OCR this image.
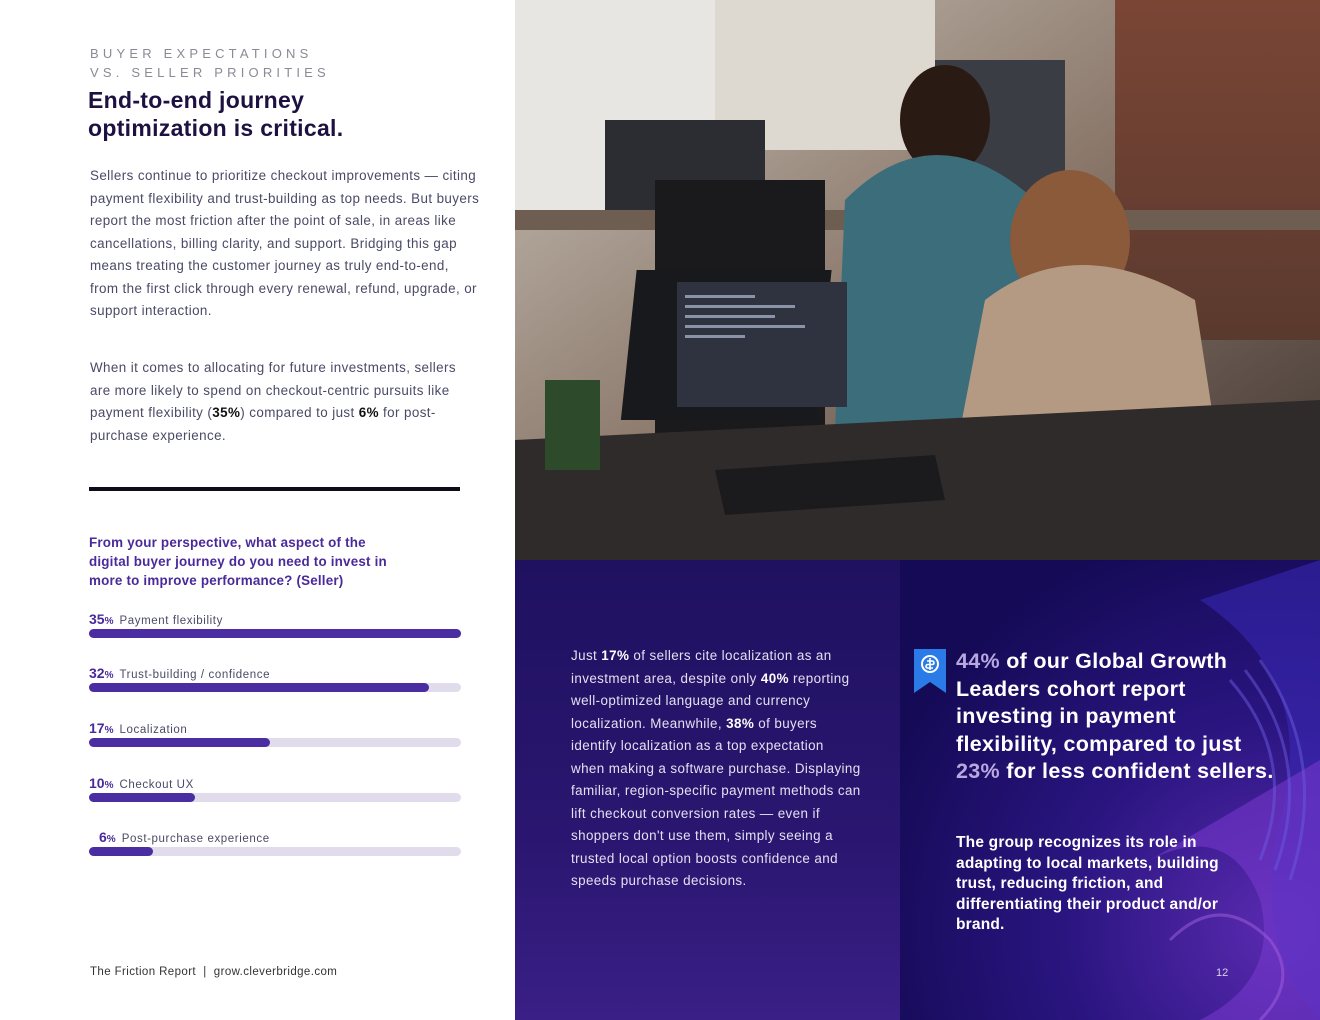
BUYER EXPECTATIONS
VS. SELLER PRIORITIES
End-to-end journey
optimization is critical.

Sellers continue to prioritize checkout improvements — citing payment flexibility and trust-building as top needs. But buyers report the most friction after the point of sale, in areas like cancellations, billing clarity, and support. Bridging this gap means treating the customer journey as truly end-to-end, from the first click through every renewal, refund, upgrade, or support interaction.

When it comes to allocating for future investments, sellers are more likely to spend on checkout-centric pursuits like payment flexibility (35%) compared to just 6% for post-purchase experience.

From your perspective, what aspect of the digital buyer journey do you need to invest in more to improve performance? (Seller)
35% Payment flexibility
32% Trust-building / confidence
17% Localization
10% Checkout UX
6% Post-purchase experience
The Friction Report  |  grow.cleverbridge.com

Just 17% of sellers cite localization as an investment area, despite only 40% reporting well-optimized language and currency localization. Meanwhile, 38% of buyers identify localization as a top expectation when making a software purchase. Displaying familiar, region-specific payment methods can lift checkout conversion rates — even if shoppers don't use them, simply seeing a trusted local option boosts confidence and speeds purchase decisions.

44% of our Global Growth Leaders cohort report investing in payment flexibility, compared to just 23% for less confident sellers.

The group recognizes its role in adapting to local markets, building trust, reducing friction, and differentiating their product and/or brand.

12
